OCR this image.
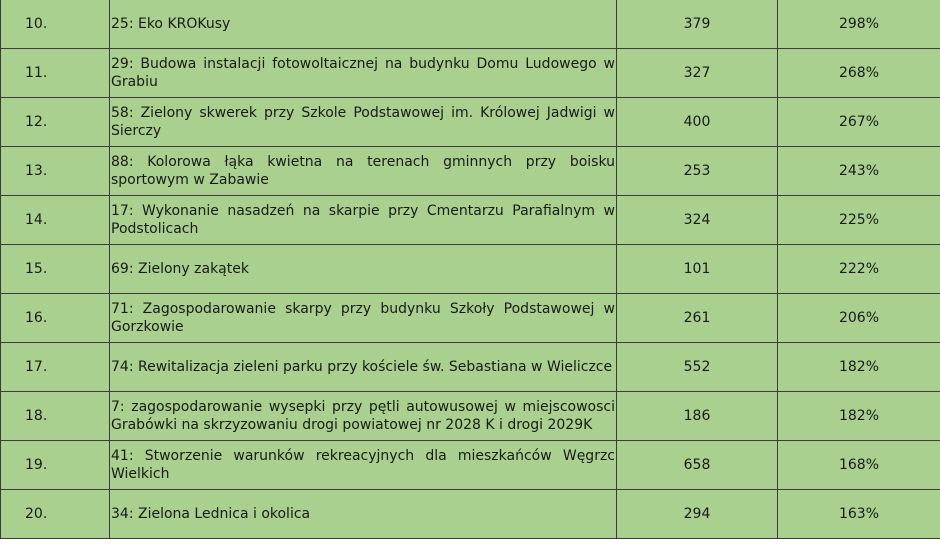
10.	25: Eko KROKusy	379	298%
11.	29: Budowa instalacji fotowoltaicznej na budynku Domu Ludowego w Grabiu	327	268%
12.	58: Zielony skwerek przy Szkole Podstawowej im. Królowej Jadwigi w Sierczy	400	267%
13.	88: Kolorowa łąka kwietna na terenach gminnych przy boisku sportowym w Zabawie	253	243%
14.	17: Wykonanie nasadzeń na skarpie przy Cmentarzu Parafialnym w Podstolicach	324	225%
15.	69: Zielony zakątek	101	222%
16.	71: Zagospodarowanie skarpy przy budynku Szkoły Podstawowej w Gorzkowie	261	206%
17.	74: Rewitalizacja zieleni parku przy kościele św. Sebastiana w Wieliczce	552	182%
18.	7: zagospodarowanie wysepki przy pętli autowusowej w miejscowosci Grabówki na skrzyzowaniu drogi powiatowej nr 2028 K i drogi 2029K	186	182%
19.	41: Stworzenie warunków rekreacyjnych dla mieszkańców Węgrzc Wielkich	658	168%
20.	34: Zielona Lednica i okolica	294	163%
